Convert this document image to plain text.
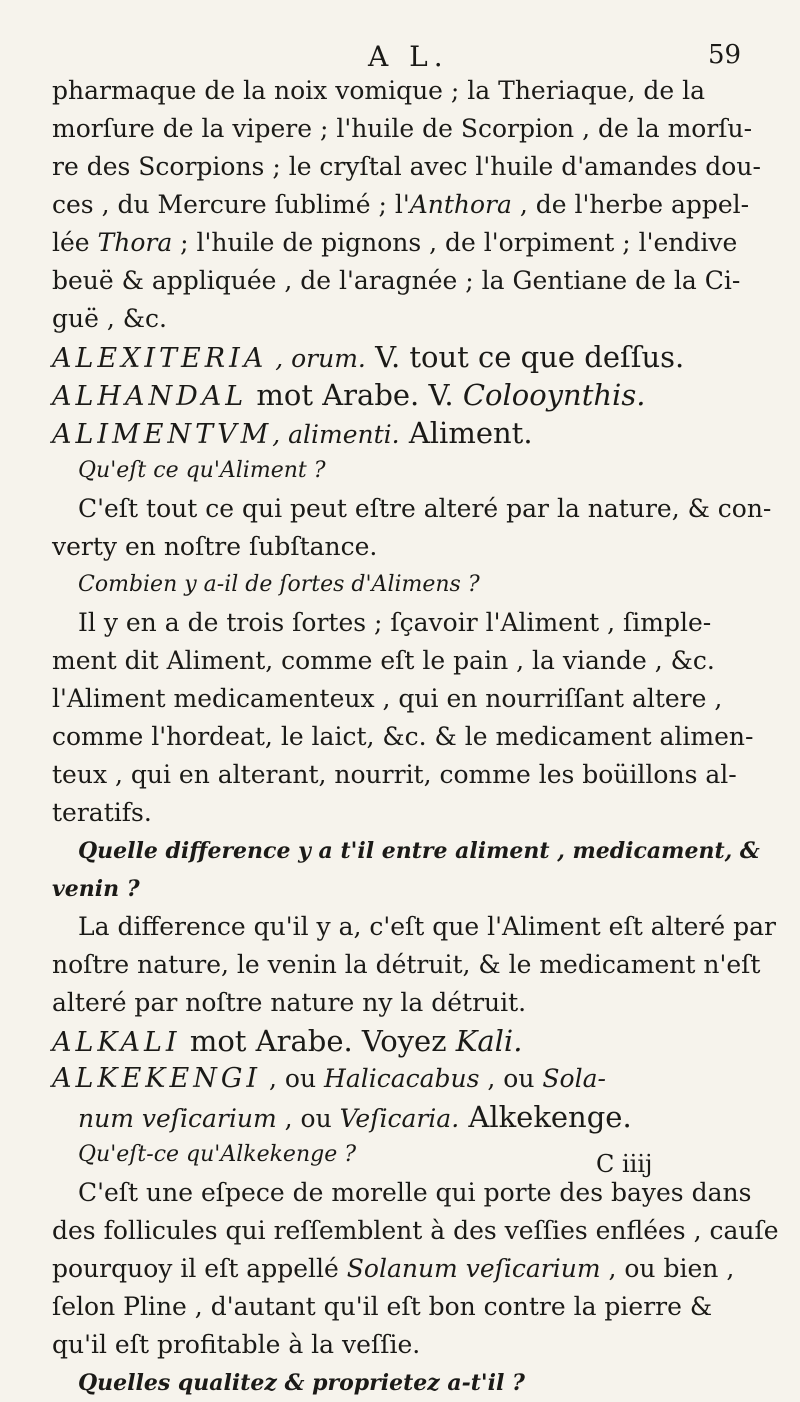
A L.	59
pharmaque de la noix vomique ; la Theriaque, de la
morſure de la vipere ; l'huile de Scorpion , de la morſu-
re des Scorpions ; le cryſtal avec l'huile d'amandes dou-
ces , du Mercure ſublimé ; l'Anthora , de l'herbe appel-
lée Thora ; l'huile de pignons , de l'orpiment ; l'endive
beuë & appliquée , de l'aragnée ; la Gentiane de la Ci-
guë , &c.
ALEXITERIA , orum. V. tout ce que deſſus.
ALHANDAL mot Arabe. V. Colooynthis.
ALIMENTVM, alimenti. Aliment.
Qu'eſt ce qu'Aliment ?
C'eſt tout ce qui peut eſtre alteré par la nature, & con-
verty en noſtre ſubſtance.
Combien y a-il de ſortes d'Alimens ?
Il y en a de trois ſortes ; ſçavoir l'Aliment , ſimple-
ment dit Aliment, comme eſt le pain , la viande , &c.
l'Aliment medicamenteux , qui en nourriſſant altere ,
comme l'hordeat, le laict, &c. & le medicament alimen-
teux , qui en alterant, nourrit, comme les boüillons al-
teratifs.
Quelle difference y a t'il entre aliment , medicament, &
venin ?
La difference qu'il y a, c'eſt que l'Aliment eſt alteré par
noſtre nature, le venin la détruit, & le medicament n'eſt
alteré par noſtre nature ny la détruit.
ALKALI mot Arabe. Voyez Kali.
ALKEKENGI , ou Halicacabus , ou Sola-
num veſicarium , ou Veſicaria. Alkekenge.
Qu'eſt-ce qu'Alkekenge ?
C'eſt une eſpece de morelle qui porte des bayes dans
des follicules qui reſſemblent à des veſſies enflées , cauſe
pourquoy il eſt appellé Solanum veſicarium , ou bien ,
ſelon Pline , d'autant qu'il eſt bon contre la pierre &
qu'il eſt profitable à la veſſie.
Quelles qualitez & proprietez a-t'il ?
C iiij
